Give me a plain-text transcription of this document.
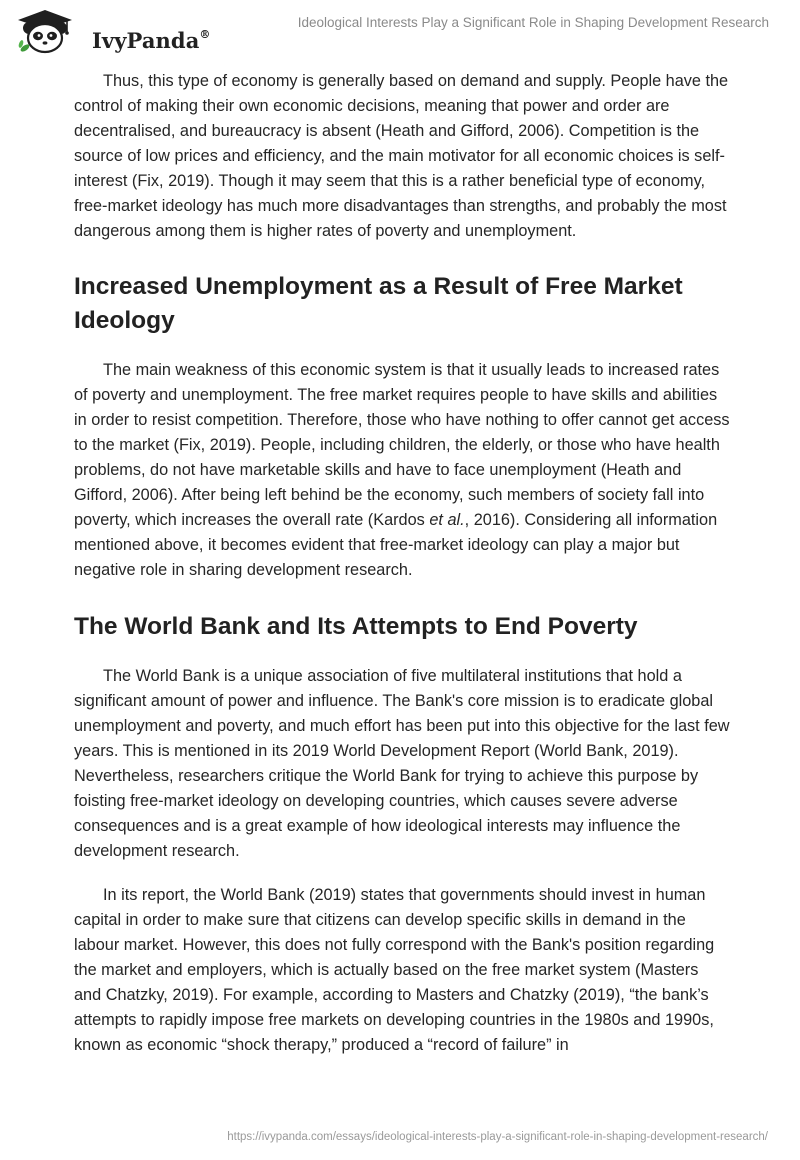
IvyPanda®
Ideological Interests Play a Significant Role in Shaping Development Research

Thus, this type of economy is generally based on demand and supply. People have the control of making their own economic decisions, meaning that power and order are decentralised, and bureaucracy is absent (Heath and Gifford, 2006). Competition is the source of low prices and efficiency, and the main motivator for all economic choices is self-interest (Fix, 2019). Though it may seem that this is a rather beneficial type of economy, free-market ideology has much more disadvantages than strengths, and probably the most dangerous among them is higher rates of poverty and unemployment.

Increased Unemployment as a Result of Free Market Ideology

The main weakness of this economic system is that it usually leads to increased rates of poverty and unemployment. The free market requires people to have skills and abilities in order to resist competition. Therefore, those who have nothing to offer cannot get access to the market (Fix, 2019). People, including children, the elderly, or those who have health problems, do not have marketable skills and have to face unemployment (Heath and Gifford, 2006). After being left behind be the economy, such members of society fall into poverty, which increases the overall rate (Kardos et al., 2016). Considering all information mentioned above, it becomes evident that free-market ideology can play a major but negative role in sharing development research.

The World Bank and Its Attempts to End Poverty

The World Bank is a unique association of five multilateral institutions that hold a significant amount of power and influence. The Bank's core mission is to eradicate global unemployment and poverty, and much effort has been put into this objective for the last few years. This is mentioned in its 2019 World Development Report (World Bank, 2019). Nevertheless, researchers critique the World Bank for trying to achieve this purpose by foisting free-market ideology on developing countries, which causes severe adverse consequences and is a great example of how ideological interests may influence the development research.

In its report, the World Bank (2019) states that governments should invest in human capital in order to make sure that citizens can develop specific skills in demand in the labour market. However, this does not fully correspond with the Bank's position regarding the market and employers, which is actually based on the free market system (Masters and Chatzky, 2019). For example, according to Masters and Chatzky (2019), “the bank’s attempts to rapidly impose free markets on developing countries in the 1980s and 1990s, known as economic “shock therapy,” produced a “record of failure” in

https://ivypanda.com/essays/ideological-interests-play-a-significant-role-in-shaping-development-research/
